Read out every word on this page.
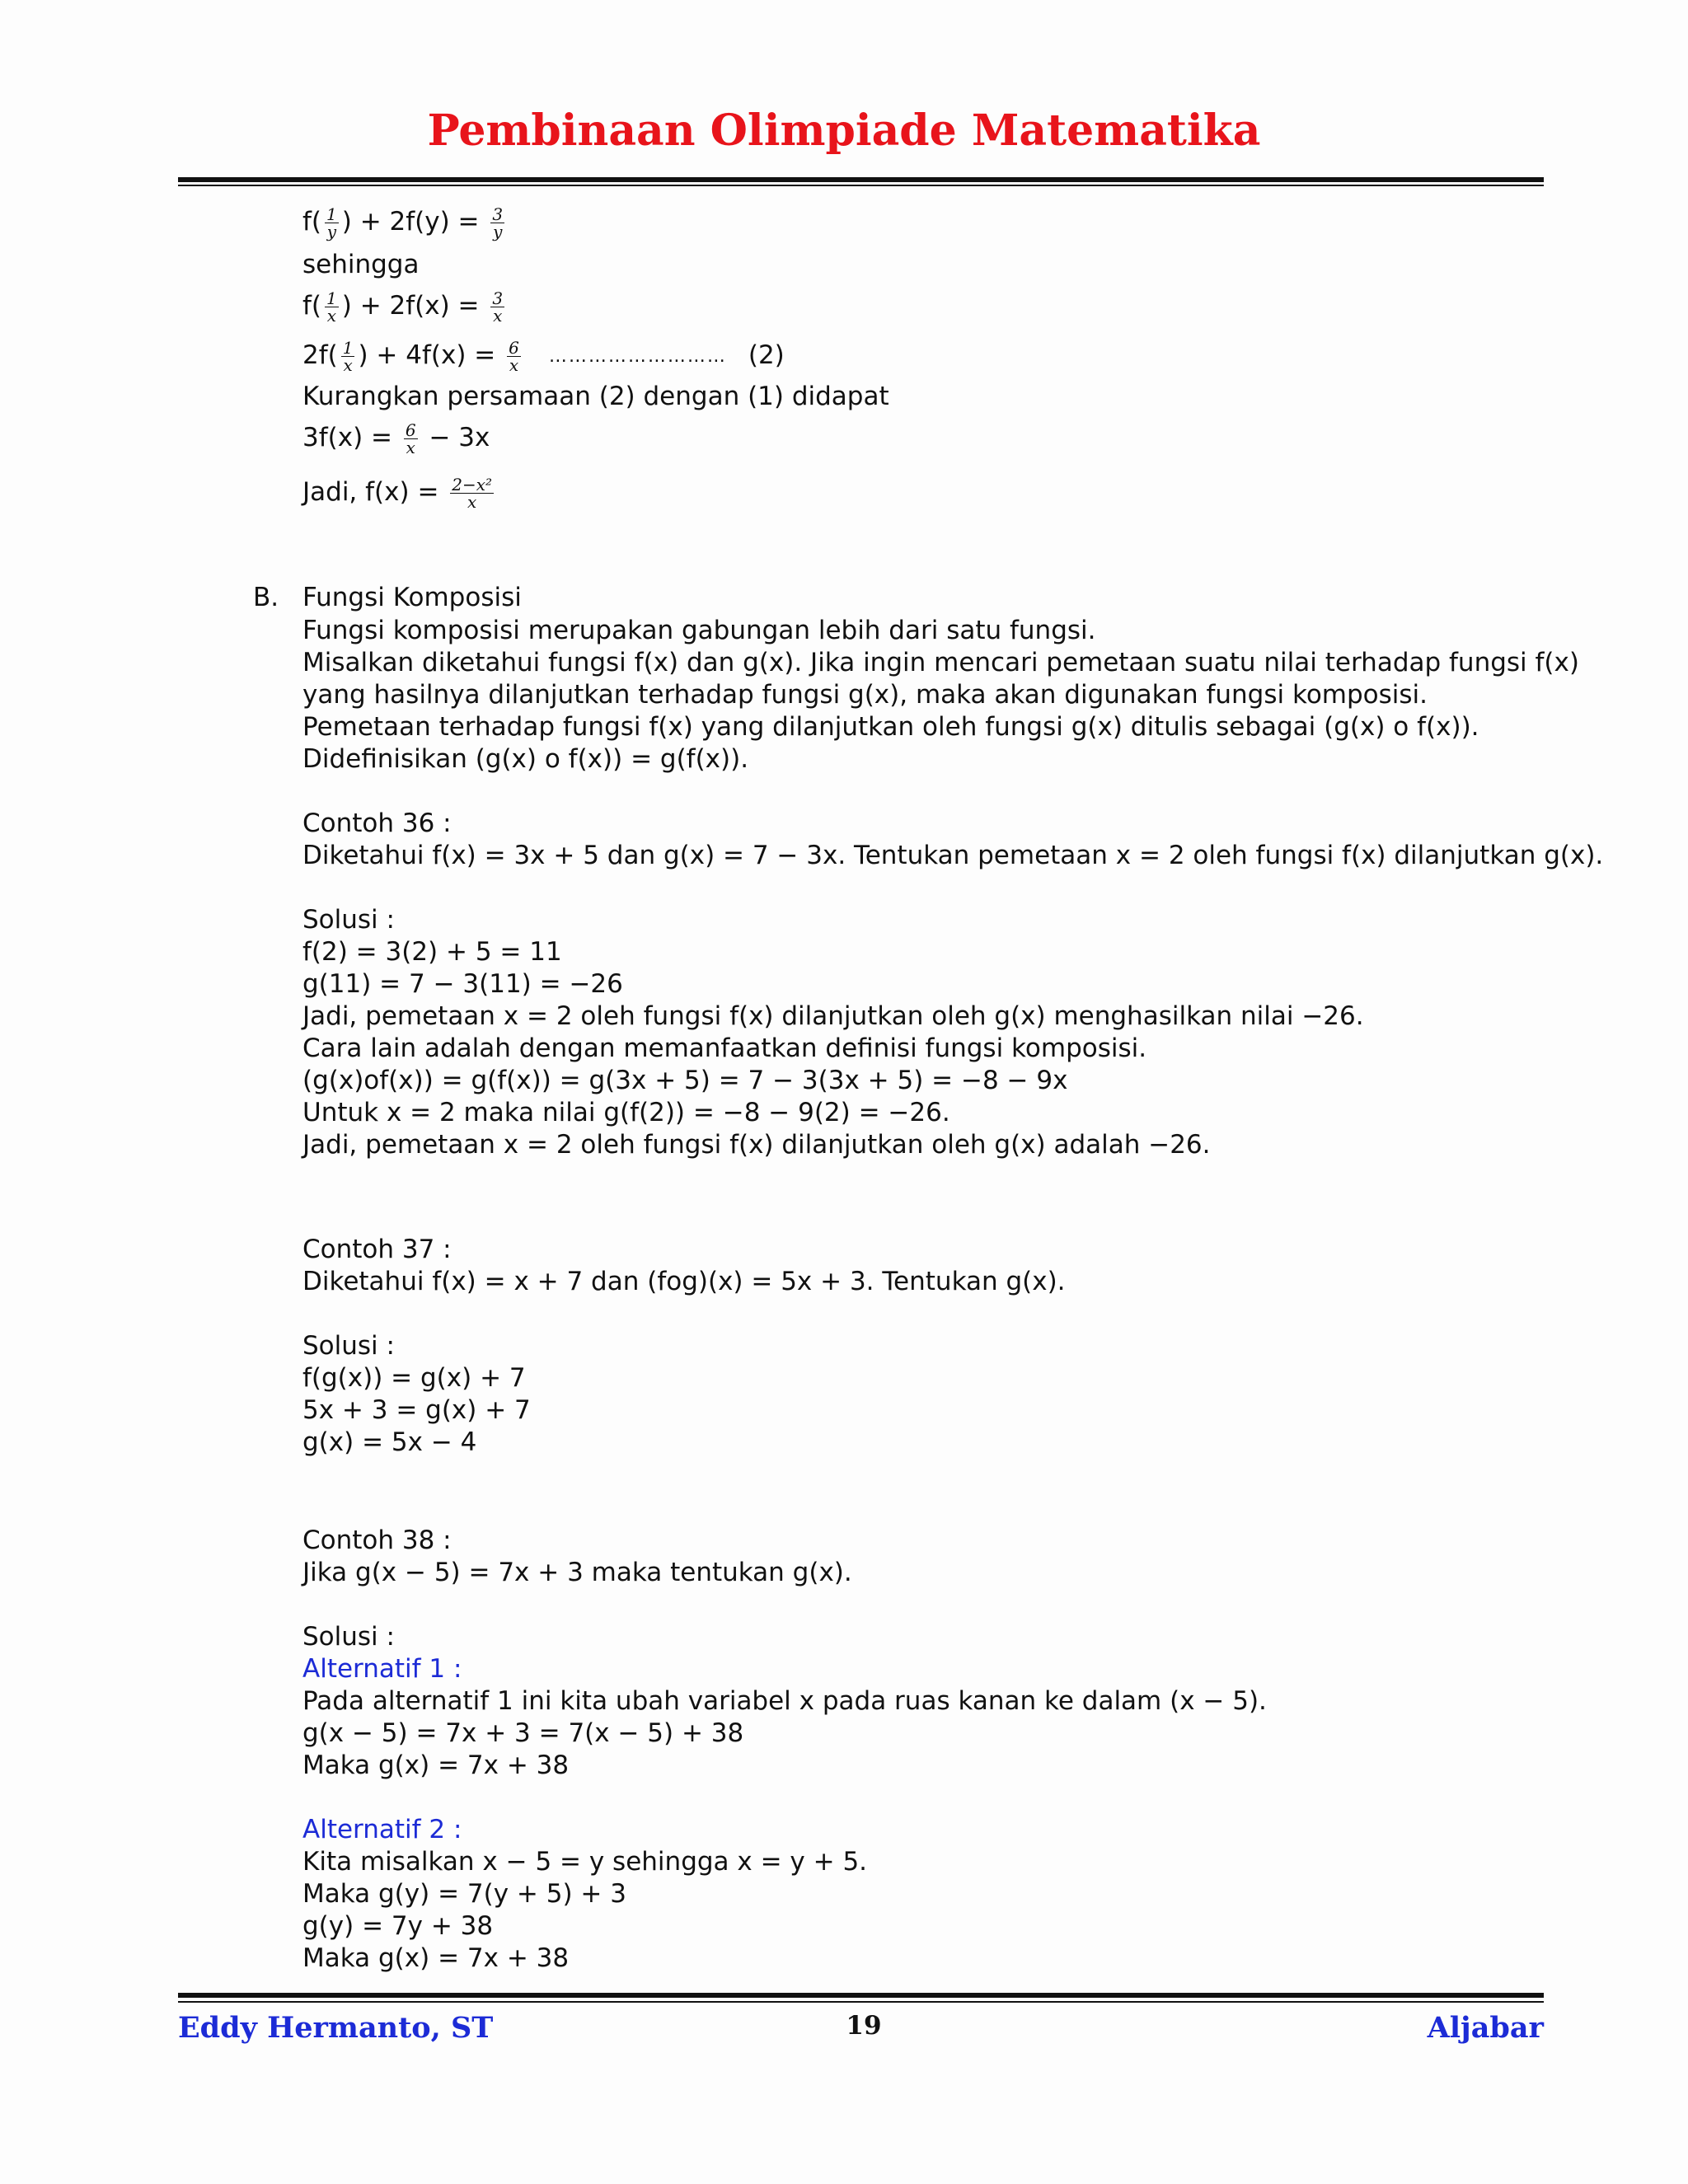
Pembinaan Olimpiade Matematika
$f( \frac{1}{y}$ ) + $2f(y) = \frac{3}{y}$
sehingga
$f( \frac{1}{x}$ ) + $2f(x) = \frac{3}{x}$
$2f( \frac{1}{x}$ ) + $4f(x) = \frac{6}{x}$ ……………………… (2)
Kurangkan persamaan (2) dengan (1) didapat
$3f(x) = \frac{6}{x} - 3x$
Jadi, $f(x) = \frac{\text{2−x²}}{x}$
B. Fungsi Komposisi
Fungsi komposisi merupakan gabungan lebih dari satu fungsi.
Misalkan diketahui fungsi f(x) dan g(x). Jika ingin mencari pemetaan suatu nilai terhadap fungsi f(x)
yang hasilnya dilanjutkan terhadap fungsi g(x), maka akan digunakan fungsi komposisi.
Pemetaan terhadap fungsi f(x) yang dilanjutkan oleh fungsi g(x) ditulis sebagai (g(x) o f(x)).
Didefinisikan (g(x) o f(x)) = g(f(x)).
Contoh 36 :
Diketahui f(x) = 3x + 5 dan g(x) = 7 − 3x. Tentukan pemetaan x = 2 oleh fungsi f(x) dilanjutkan g(x).
Solusi :
f(2) = 3(2) + 5 = 11
g(11) = 7 − 3(11) = −26
Jadi, pemetaan x = 2 oleh fungsi f(x) dilanjutkan oleh g(x) menghasilkan nilai −26.
Cara lain adalah dengan memanfaatkan definisi fungsi komposisi.
(g(x)of(x)) = g(f(x)) = g(3x + 5) = 7 − 3(3x + 5) = −8 − 9x
Untuk x = 2 maka nilai g(f(2)) = −8 − 9(2) = −26.
Jadi, pemetaan x = 2 oleh fungsi f(x) dilanjutkan oleh g(x) adalah −26.
Contoh 37 :
Diketahui f(x) = x + 7 dan (fog)(x) = 5x + 3. Tentukan g(x).
Solusi :
f(g(x)) = g(x) + 7
5x + 3 = g(x) + 7
g(x) = 5x − 4
Contoh 38 :
Jika g(x − 5) = 7x + 3 maka tentukan g(x).
Solusi :
Alternatif 1 :
Pada alternatif 1 ini kita ubah variabel x pada ruas kanan ke dalam (x − 5).
g(x − 5) = 7x + 3 = 7(x − 5) + 38
Maka g(x) = 7x + 38
Alternatif 2 :
Kita misalkan x − 5 = y sehingga x = y + 5.
Maka g(y) = 7(y + 5) + 3
g(y) = 7y + 38
Maka g(x) = 7x + 38
Eddy Hermanto, ST	19	Aljabar
